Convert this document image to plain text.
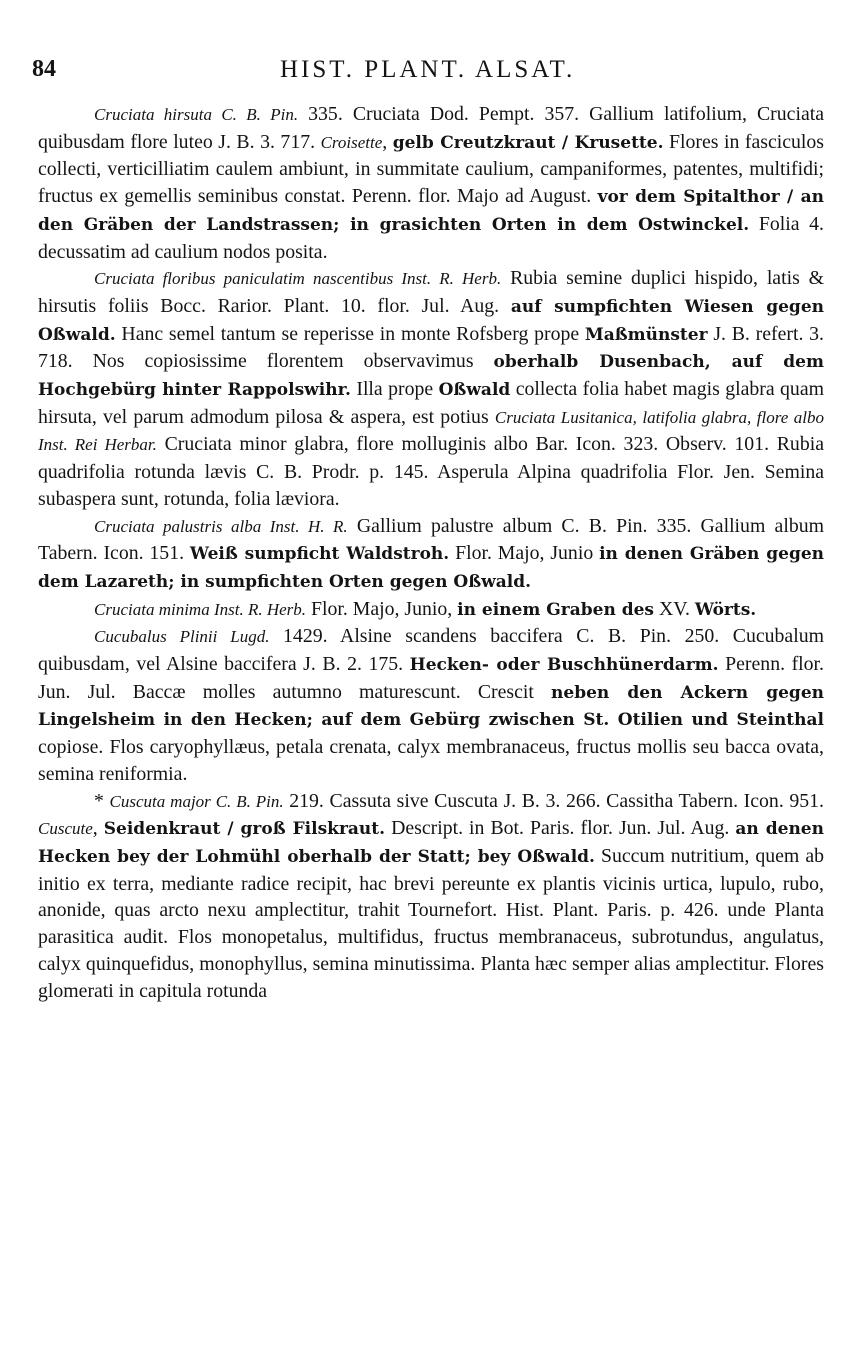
84	HIST. PLANT. ALSAT.

Cruciata hirsuta C. B. Pin. 335. Cruciata Dod. Pempt. 357. Gallium latifolium, Cruciata quibusdam flore luteo J. B. 3. 717. Croisette, gelb Creutzkraut / Krusette. Flores in fasciculos collecti, verticilliatim caulem ambiunt, in summitate caulium, campaniformes, patentes, multifidi; fructus ex gemellis seminibus constat. Perenn. flor. Majo ad August. vor dem Spitalthor / an den Gräben der Landstrassen; in grasichten Orten in dem Ostwinckel. Folia 4. decussatim ad caulium nodos posita.

Cruciata floribus paniculatim nascentibus Inst. R. Herb. Rubia semine duplici hispido, latis & hirsutis foliis Bocc. Rarior. Plant. 10. flor. Jul. Aug. auf sumpfichten Wiesen gegen Oßwald. Hanc semel tantum se reperisse in monte Rofsberg prope Maßmünster J. B. refert. 3. 718. Nos copiosissime florentem observavimus oberhalb Dusenbach, auf dem Hochgebürg hinter Rappolswihr. Illa prope Oßwald collecta folia habet magis glabra quam hirsuta, vel parum admodum pilosa & aspera, est potius Cruciata Lusitanica, latifolia glabra, flore albo Inst. Rei Herbar. Cruciata minor glabra, flore molluginis albo Bar. Icon. 323. Observ. 101. Rubia quadrifolia rotunda lævis C. B. Prodr. p. 145. Asperula Alpina quadrifolia Flor. Jen. Semina subaspera sunt, rotunda, folia læviora.

Cruciata palustris alba Inst. H. R. Gallium palustre album C. B. Pin. 335. Gallium album Tabern. Icon. 151. Weiß sumpficht Waldstroh. Flor. Majo, Junio in denen Gräben gegen dem Lazareth; in sumpfichten Orten gegen Oßwald.

Cruciata minima Inst. R. Herb. Flor. Majo, Junio, in einem Graben des XV. Wörts.

Cucubalus Plinii Lugd. 1429. Alsine scandens baccifera C. B. Pin. 250. Cucubalum quibusdam, vel Alsine baccifera J. B. 2. 175. Hecken- oder Buschhünerdarm. Perenn. flor. Jun. Jul. Baccæ molles autumno maturescunt. Crescit neben den Ackern gegen Lingelsheim in den Hecken; auf dem Gebürg zwischen St. Otilien und Steinthal copiose. Flos caryophyllæus, petala crenata, calyx membranaceus, fructus mollis seu bacca ovata, semina reniformia.

* Cuscuta major C. B. Pin. 219. Cassuta sive Cuscuta J. B. 3. 266. Cassitha Tabern. Icon. 951. Cuscute, Seidenkraut / groß Filskraut. Descript. in Bot. Paris. flor. Jun. Jul. Aug. an denen Hecken bey der Lohmühl oberhalb der Statt; bey Oßwald. Succum nutritium, quem ab initio ex terra, mediante radice recipit, hac brevi pereunte ex plantis vicinis urtica, lupulo, rubo, anonide, quas arcto nexu amplectitur, trahit Tournefort. Hist. Plant. Paris. p. 426. unde Planta parasitica audit. Flos monopetalus, multifidus, fructus membranaceus, subrotundus, angulatus, calyx quinquefidus, monophyllus, semina minutissima. Planta hæc semper alias amplectitur. Flores glomerati in capitula rotunda
